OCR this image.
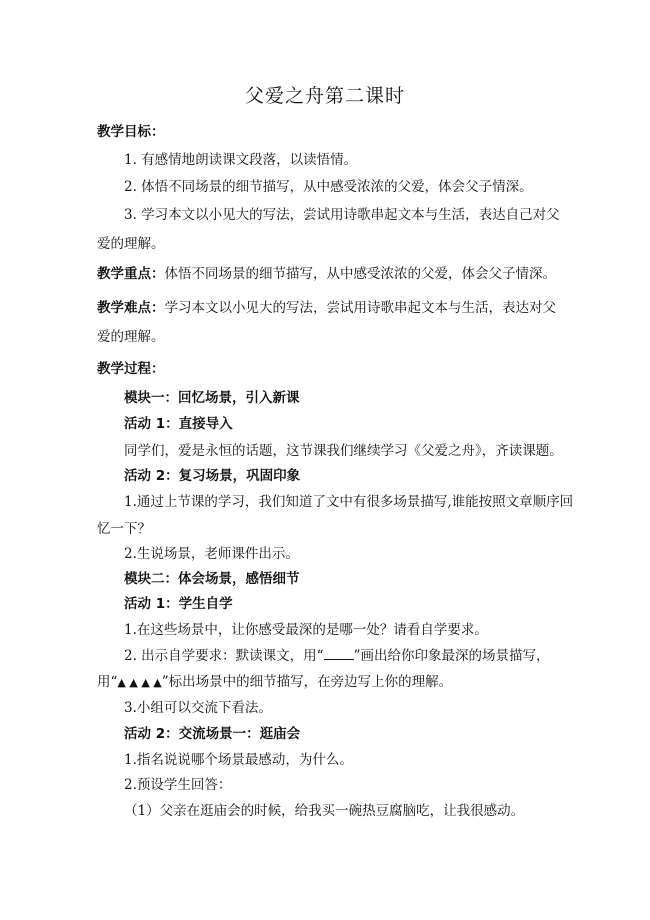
父爱之舟第二课时
教学目标：
1. 有感情地朗读课文段落，以读悟情。
2. 体悟不同场景的细节描写，从中感受浓浓的父爱，体会父子情深。
3. 学习本文以小见大的写法，尝试用诗歌串起文本与生活，表达自己对父
爱的理解。
教学重点：体悟不同场景的细节描写，从中感受浓浓的父爱，体会父子情深。
教学难点：学习本文以小见大的写法，尝试用诗歌串起文本与生活，表达对父
爱的理解。
教学过程：
模块一：回忆场景，引入新课
活动 1：直接导入
同学们，爱是永恒的话题，这节课我们继续学习《父爱之舟》，齐读课题。
活动 2：复习场景，巩固印象
1.通过上节课的学习，我们知道了文中有很多场景描写,谁能按照文章顺序回
忆一下？
2.生说场景，老师课件出示。
模块二：体会场景，感悟细节
活动 1：学生自学
1.在这些场景中，让你感受最深的是哪一处？请看自学要求。
2. 出示自学要求：默读课文，用“ ”画出给你印象最深的场景描写，
用“▲ ▲ ▲ ▲”标出场景中的细节描写，在旁边写上你的理解。
3.小组可以交流下看法。
活动 2：交流场景一：逛庙会
1.指名说说哪个场景最感动，为什么。
2.预设学生回答：
（1）父亲在逛庙会的时候，给我买一碗热豆腐脑吃，让我很感动。
